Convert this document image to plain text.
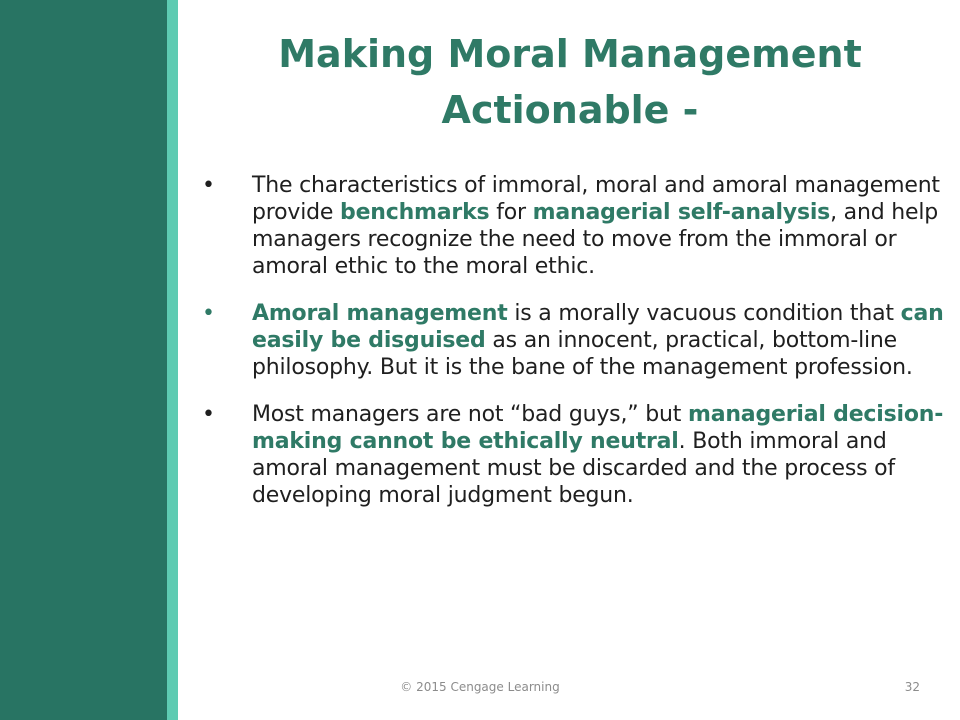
Making Moral Management Actionable -
• The characteristics of immoral, moral and amoral management provide benchmarks for managerial self-analysis, and help managers recognize the need to move from the immoral or amoral ethic to the moral ethic.
• Amoral management is a morally vacuous condition that can easily be disguised as an innocent, practical, bottom-line philosophy. But it is the bane of the management profession.
• Most managers are not “bad guys,” but managerial decision-making cannot be ethically neutral. Both immoral and amoral management must be discarded and the process of developing moral judgment begun.
© 2015 Cengage Learning	32
